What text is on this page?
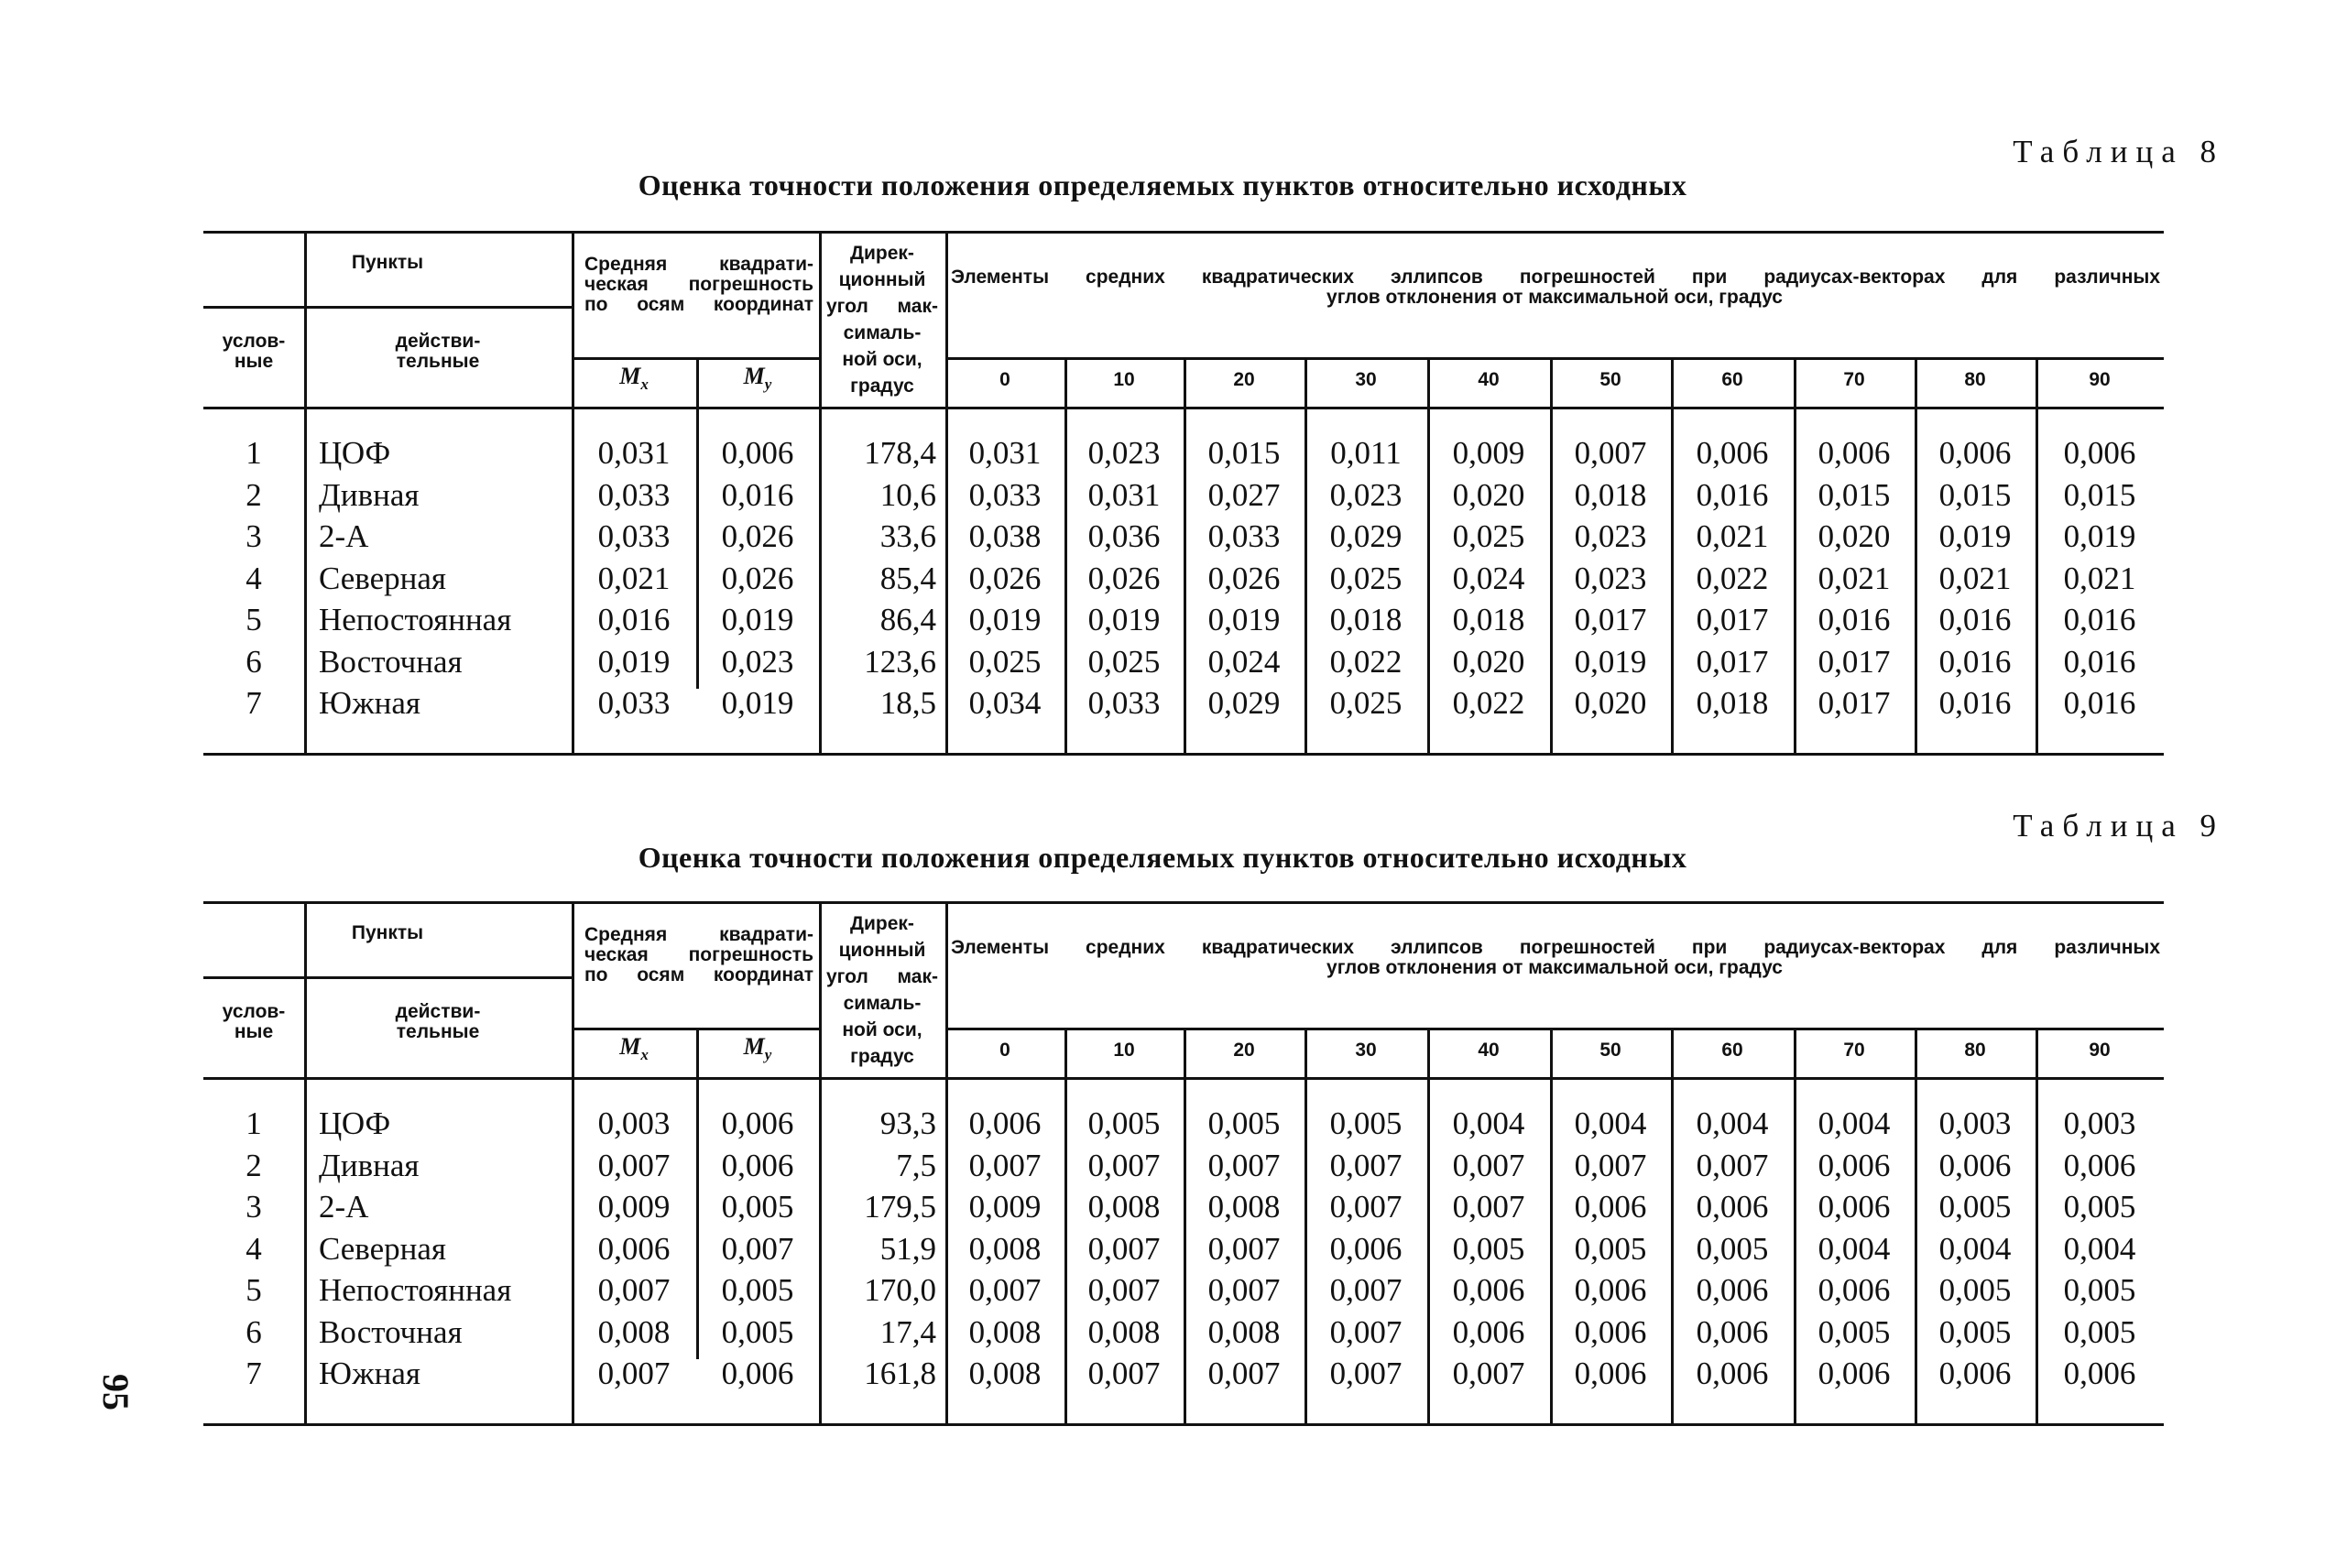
Таблица 8
Оценка точности положения определяемых пунктов относительно исходных
Пункты
услов-
ные
действи-
тельные
Средняя квадрати-
ческая погрешность
по осям координат
Дирек-
ционный
угол мак-
сималь-
ной оси,
градус
Элементы средних квадратических эллипсов погрешностей при радиусах-векторах для различных
углов отклонения от максимальной оси, градус
$M_x$	$M_y$	0	10	20	30	40	50	60	70	80	90
1	ЦОФ	0,031	0,006	178,4	0,031	0,023	0,015	0,011	0,009	0,007	0,006	0,006	0,006	0,006
2	Дивная	0,033	0,016	10,6	0,033	0,031	0,027	0,023	0,020	0,018	0,016	0,015	0,015	0,015
3	2-А	0,033	0,026	33,6	0,038	0,036	0,033	0,029	0,025	0,023	0,021	0,020	0,019	0,019
4	Северная	0,021	0,026	85,4	0,026	0,026	0,026	0,025	0,024	0,023	0,022	0,021	0,021	0,021
5	Непостоянная	0,016	0,019	86,4	0,019	0,019	0,019	0,018	0,018	0,017	0,017	0,016	0,016	0,016
6	Восточная	0,019	0,023	123,6	0,025	0,025	0,024	0,022	0,020	0,019	0,017	0,017	0,016	0,016
7	Южная	0,033	0,019	18,5	0,034	0,033	0,029	0,025	0,022	0,020	0,018	0,017	0,016	0,016
Таблица 9
Оценка точности положения определяемых пунктов относительно исходных
Пункты
услов-
ные
действи-
тельные
Средняя квадрати-
ческая погрешность
по осям координат
Дирек-
ционный
угол мак-
сималь-
ной оси,
градус
Элементы средних квадратических эллипсов погрешностей при радиусах-векторах для различных
углов отклонения от максимальной оси, градус
$M_x$	$M_y$	0	10	20	30	40	50	60	70	80	90
1	ЦОФ	0,003	0,006	93,3	0,006	0,005	0,005	0,005	0,004	0,004	0,004	0,004	0,003	0,003
2	Дивная	0,007	0,006	7,5	0,007	0,007	0,007	0,007	0,007	0,007	0,007	0,006	0,006	0,006
3	2-А	0,009	0,005	179,5	0,009	0,008	0,008	0,007	0,007	0,006	0,006	0,006	0,005	0,005
4	Северная	0,006	0,007	51,9	0,008	0,007	0,007	0,006	0,005	0,005	0,005	0,004	0,004	0,004
5	Непостоянная	0,007	0,005	170,0	0,007	0,007	0,007	0,007	0,006	0,006	0,006	0,006	0,005	0,005
6	Восточная	0,008	0,005	17,4	0,008	0,008	0,008	0,007	0,006	0,006	0,006	0,005	0,005	0,005
7	Южная	0,007	0,006	161,8	0,008	0,007	0,007	0,007	0,007	0,006	0,006	0,006	0,006	0,006
95
